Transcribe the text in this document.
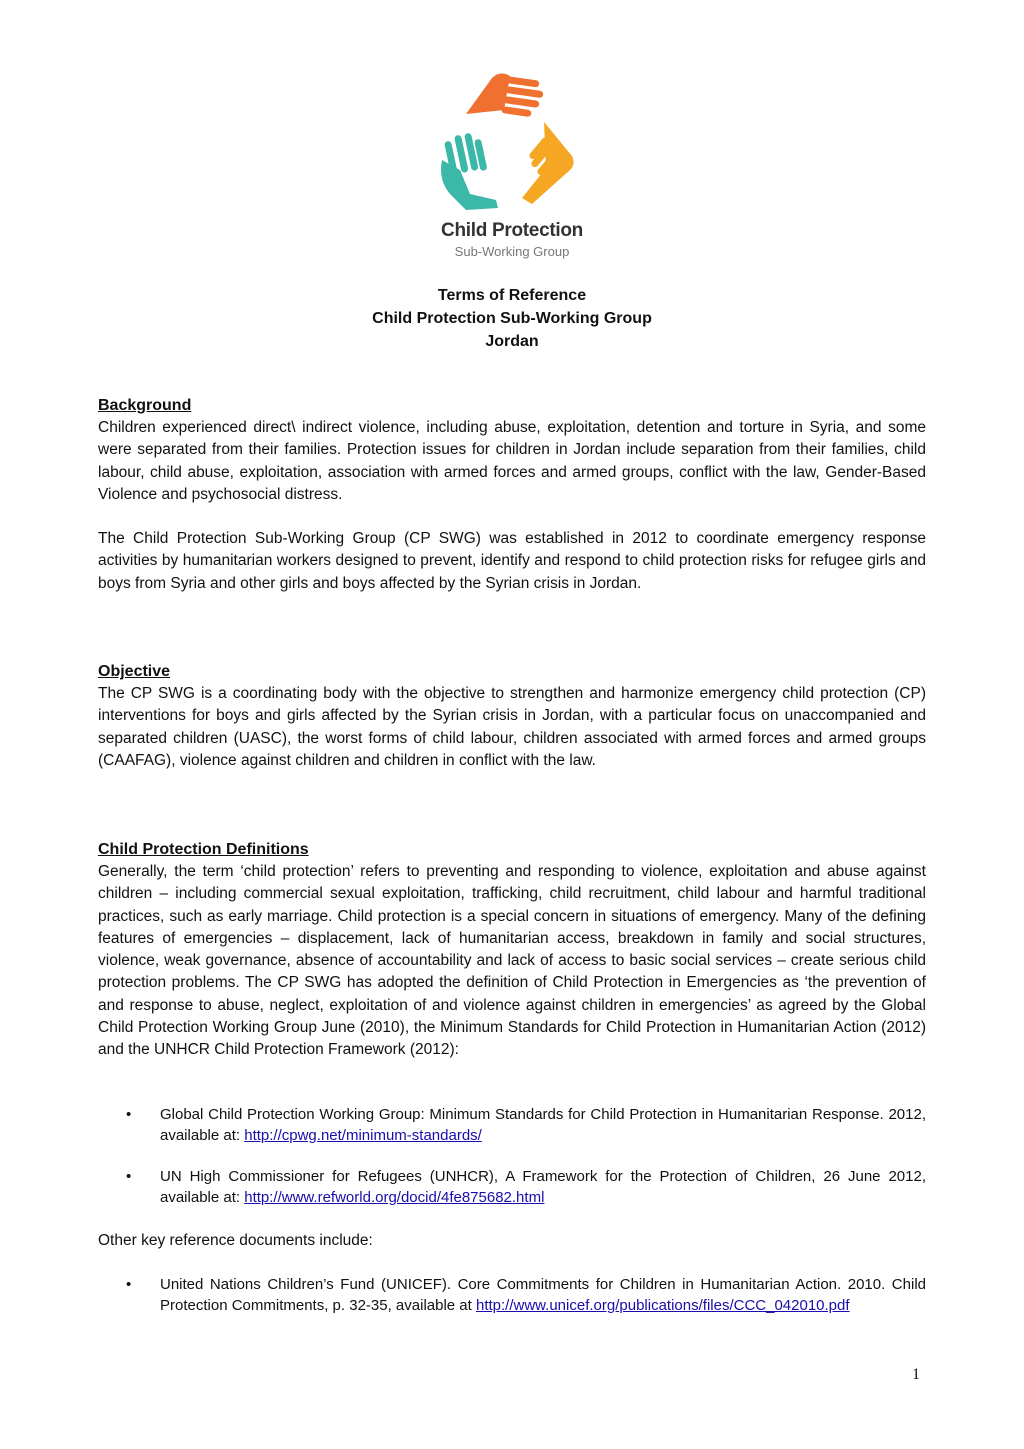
Child Protection
Sub-Working Group
Terms of Reference
Child Protection Sub-Working Group
Jordan
Background

Children experienced direct\ indirect violence, including abuse, exploitation, detention and torture in Syria, and some were separated from their families. Protection issues for children in Jordan include separation from their families, child labour, child abuse, exploitation, association with armed forces and armed groups, conflict with the law, Gender-Based Violence and psychosocial distress.

The Child Protection Sub-Working Group (CP SWG) was established in 2012 to coordinate emergency response activities by humanitarian workers designed to prevent, identify and respond to child protection risks for refugee girls and boys from Syria and other girls and boys affected by the Syrian crisis in Jordan.

Objective

The CP SWG is a coordinating body with the objective to strengthen and harmonize emergency child protection (CP) interventions for boys and girls affected by the Syrian crisis in Jordan, with a particular focus on unaccompanied and separated children (UASC), the worst forms of child labour, children associated with armed forces and armed groups (CAAFAG), violence against children and children in conflict with the law.

Child Protection Definitions

Generally, the term ‘child protection’ refers to preventing and responding to violence, exploitation and abuse against children – including commercial sexual exploitation, trafficking, child recruitment, child labour and harmful traditional practices, such as early marriage. Child protection is a special concern in situations of emergency. Many of the defining features of emergencies – displacement, lack of humanitarian access, breakdown in family and social structures, violence, weak governance, absence of accountability and lack of access to basic social services – create serious child protection problems. The CP SWG has adopted the definition of Child Protection in Emergencies as ‘the prevention of and response to abuse, neglect, exploitation of and violence against children in emergencies’ as agreed by the Global Child Protection Working Group June (2010), the Minimum Standards for Child Protection in Humanitarian Action (2012) and the UNHCR Child Protection Framework (2012):

• Global Child Protection Working Group: Minimum Standards for Child Protection in Humanitarian Response. 2012, available at: http://cpwg.net/minimum-standards/
• UN High Commissioner for Refugees (UNHCR), A Framework for the Protection of Children, 26 June 2012, available at: http://www.refworld.org/docid/4fe875682.html
Other key reference documents include:
• United Nations Children’s Fund (UNICEF). Core Commitments for Children in Humanitarian Action. 2010. Child Protection Commitments, p. 32-35, available at http://www.unicef.org/publications/files/CCC_042010.pdf
1
